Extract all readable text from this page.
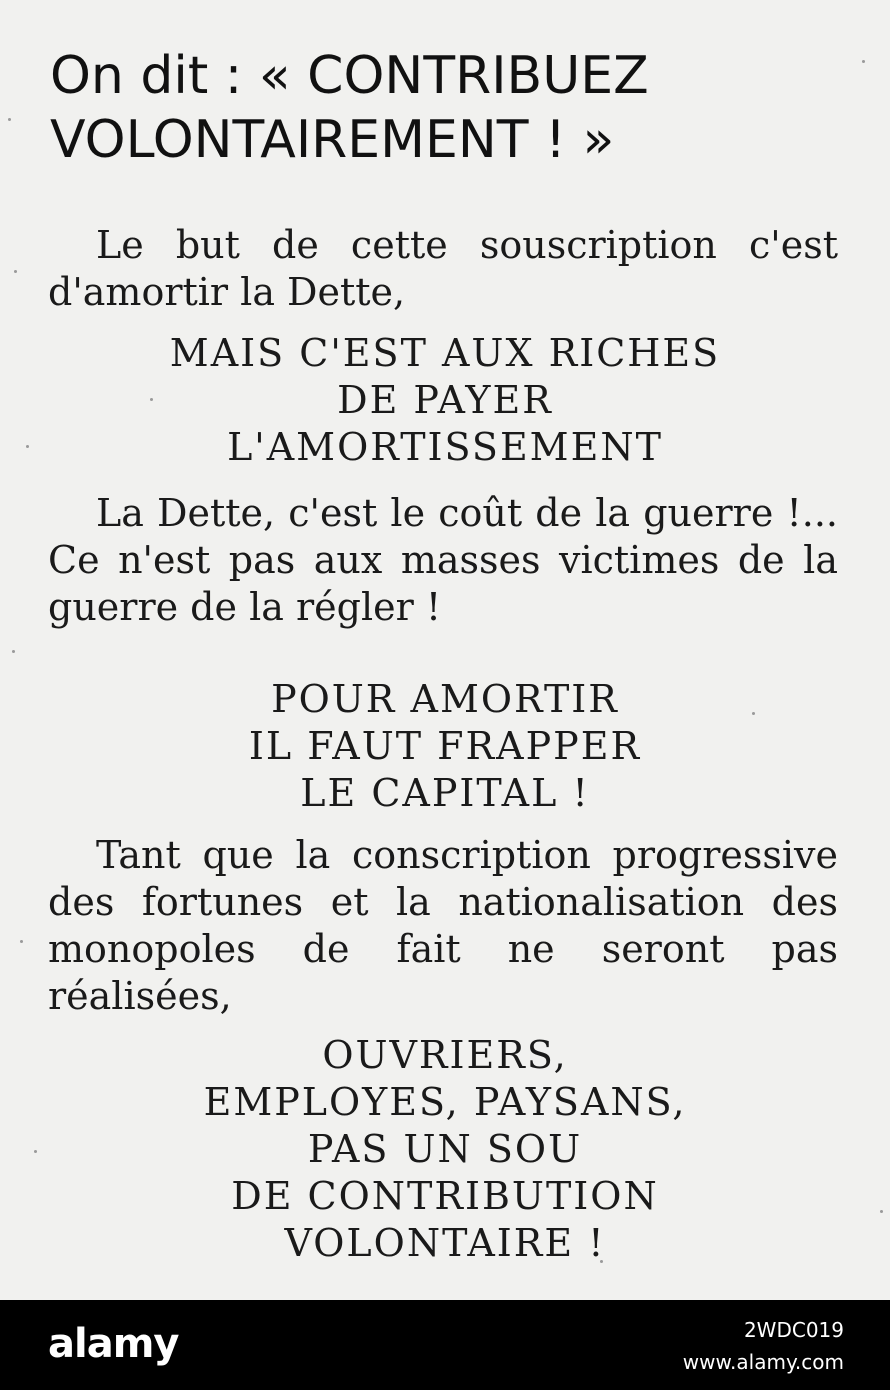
On dit : « CONTRIBUEZ
VOLONTAIREMENT ! »

Le but de cette souscription c'est d'amortir la Dette,

MAIS C'EST AUX RICHES
DE PAYER
L'AMORTISSEMENT

La Dette, c'est le coût de la guerre !... Ce n'est pas aux masses victimes de la guerre de la régler !

POUR AMORTIR
IL FAUT FRAPPER
LE CAPITAL !

Tant que la conscription progressive des fortunes et la nationalisation des monopoles de fait ne seront pas réalisées,

OUVRIERS,
EMPLOYES, PAYSANS,
PAS UN SOU
DE CONTRIBUTION
VOLONTAIRE !
alamy	2WDC019
www.alamy.com
